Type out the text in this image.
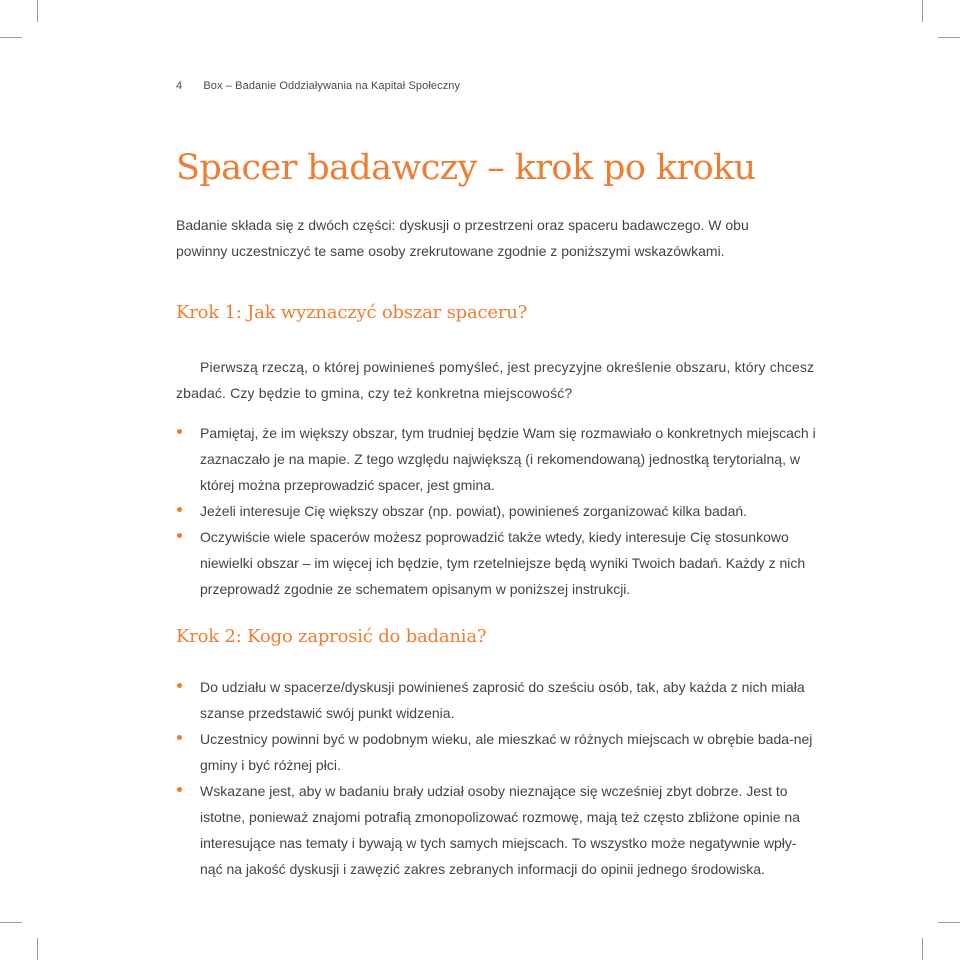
4 Box – Badanie Oddziaływania na Kapitał Społeczny
Spacer badawczy – krok po kroku

Badanie składa się z dwóch części: dyskusji o przestrzeni oraz spaceru badawczego. W obu powinny uczestniczyć te same osoby zrekrutowane zgodnie z poniższymi wskazówkami.

Krok 1: Jak wyznaczyć obszar spaceru?

Pierwszą rzeczą, o której powinieneś pomyśleć, jest precyzyjne określenie obszaru, który chcesz zbadać. Czy będzie to gmina, czy też konkretna miejscowość?

Pamiętaj, że im większy obszar, tym trudniej będzie Wam się rozmawiało o konkretnych miejscach i zaznaczało je na mapie. Z tego względu największą (i rekomendowaną) jednostką terytorialną, w której można przeprowadzić spacer, jest gmina.
Jeżeli interesuje Cię większy obszar (np. powiat), powinieneś zorganizować kilka badań.
Oczywiście wiele spacerów możesz poprowadzić także wtedy, kiedy interesuje Cię stosunkowo niewielki obszar – im więcej ich będzie, tym rzetelniejsze będą wyniki Twoich badań. Każdy z nich przeprowadź zgodnie ze schematem opisanym w poniższej instrukcji.
Krok 2: Kogo zaprosić do badania?
Do udziału w spacerze/dyskusji powinieneś zaprosić do sześciu osób, tak, aby każda z nich miała szanse przedstawić swój punkt widzenia.
Uczestnicy powinni być w podobnym wieku, ale mieszkać w różnych miejscach w obrębie bada-nej gminy i być różnej płci.
Wskazane jest, aby w badaniu brały udział osoby nieznające się wcześniej zbyt dobrze. Jest to istotne, ponieważ znajomi potrafią zmonopolizować rozmowę, mają też często zbliżone opinie na interesujące nas tematy i bywają w tych samych miejscach. To wszystko może negatywnie wpły-nąć na jakość dyskusji i zawęzić zakres zebranych informacji do opinii jednego środowiska.
